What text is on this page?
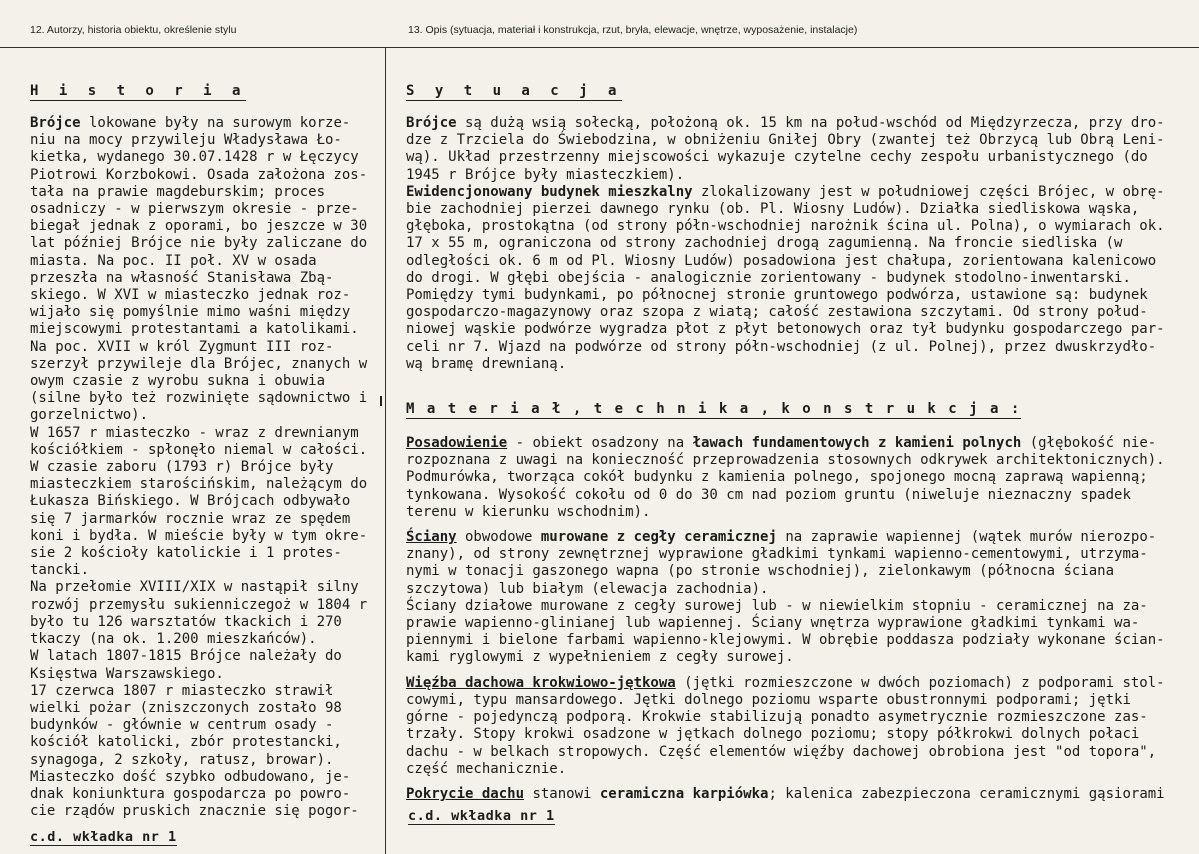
12. Autorzy, historia obiektu, określenie stylu	13. Opis (sytuacja, materiał i konstrukcja, rzut, bryła, elewacje, wnętrze, wyposażenie, instalacje)
H i s t o r i a
Brójce lokowane były na surowym korze-
niu na mocy przywileju Władysława Ło-
kietka, wydanego 30.07.1428 r w Łęczycy
Piotrowi Korzbokowi. Osada założona zos-
tała na prawie magdeburskim; proces
osadniczy - w pierwszym okresie - prze-
biegał jednak z oporami, bo jeszcze w 30
lat później Brójce nie były zaliczane do
miasta. Na poc. II poł. XV w osada
przeszła na własność Stanisława Zbą-
skiego. W XVI w miasteczko jednak roz-
wijało się pomyślnie mimo waśni między
miejscowymi protestantami a katolikami.
Na poc. XVII w król Zygmunt III roz-
szerzył przywileje dla Brójec, znanych w
owym czasie z wyrobu sukna i obuwia
(silne było też rozwinięte sądownictwo i
gorzelnictwo).
W 1657 r miasteczko - wraz z drewnianym
kościółkiem - spłonęło niemal w całości.
W czasie zaboru (1793 r) Brójce były
miasteczkiem starościńskim, należącym do
Łukasza Bińskiego. W Brójcach odbywało
się 7 jarmarków rocznie wraz ze spędem
koni i bydła. W mieście były w tym okre-
sie 2 kościoły katolickie i 1 protes-
tancki.
Na przełomie XVIII/XIX w nastąpił silny
rozwój przemysłu sukienniczegoż w 1804 r
było tu 126 warsztatów tkackich i 270
tkaczy (na ok. 1.200 mieszkańców).
W latach 1807-1815 Brójce należały do
Księstwa Warszawskiego.
17 czerwca 1807 r miasteczko strawił
wielki pożar (zniszczonych zostało 98
budynków - głównie w centrum osady -
kościół katolicki, zbór protestancki,
synagoga, 2 szkoły, ratusz, browar).
Miasteczko dość szybko odbudowano, je-
dnak koniunktura gospodarcza po powro-
cie rządów pruskich znacznie się pogor-
c.d. wkładka nr 1
S y t u a c j a
Brójce są dużą wsią sołecką, położoną ok. 15 km na połud-wschód od Międzyrzecza, przy dro-
dze z Trzciela do Świebodzina, w obniżeniu Gniłej Obry (zwantej też Obrzycą lub Obrą Leni-
wą). Układ przestrzenny miejscowości wykazuje czytelne cechy zespołu urbanistycznego (do
1945 r Brójce były miasteczkiem).
Ewidencjonowany budynek mieszkalny zlokalizowany jest w południowej części Brójec, w obrę-
bie zachodniej pierzei dawnego rynku (ob. Pl. Wiosny Ludów). Działka siedliskowa wąska,
głęboka, prostokątna (od strony półn-wschodniej narożnik ścina ul. Polna), o wymiarach ok.
17 x 55 m, ograniczona od strony zachodniej drogą zagumienną. Na froncie siedliska (w
odległości ok. 6 m od Pl. Wiosny Ludów) posadowiona jest chałupa, zorientowana kalenicowo
do drogi. W głębi obejścia - analogicznie zorientowany - budynek stodolno-inwentarski.
Pomiędzy tymi budynkami, po północnej stronie gruntowego podwórza, ustawione są: budynek
gospodarczo-magazynowy oraz szopa z wiatą; całość zestawiona szczytami. Od strony połud-
niowej wąskie podwórze wygradza płot z płyt betonowych oraz tył budynku gospodarczego par-
celi nr 7. Wjazd na podwórze od strony półn-wschodniej (z ul. Polnej), przez dwuskrzydło-
wą bramę drewnianą.
M a t e r i a ł , t e c h n i k a , k o n s t r u k c j a :
Posadowienie - obiekt osadzony na ławach fundamentowych z kamieni polnych (głębokość nie-
rozpoznana z uwagi na konieczność przeprowadzenia stosownych odkrywek architektonicznych).
Podmurówka, tworząca cokół budynku z kamienia polnego, spojonego mocną zaprawą wapienną;
tynkowana. Wysokość cokołu od 0 do 30 cm nad poziom gruntu (niweluje nieznaczny spadek
terenu w kierunku wschodnim).
Ściany obwodowe murowane z cegły ceramicznej na zaprawie wapiennej (wątek murów nierozpo-
znany), od strony zewnętrznej wyprawione gładkimi tynkami wapienno-cementowymi, utrzyma-
nymi w tonacji gaszonego wapna (po stronie wschodniej), zielonkawym (północna ściana
szczytowa) lub białym (elewacja zachodnia).
Ściany działowe murowane z cegły surowej lub - w niewielkim stopniu - ceramicznej na za-
prawie wapienno-glinianej lub wapiennej. Ściany wnętrza wyprawione gładkimi tynkami wa-
piennymi i bielone farbami wapienno-klejowymi. W obrębie poddasza podziały wykonane ścian-
kami ryglowymi z wypełnieniem z cegły surowej.
Więźba dachowa krokwiowo-jętkowa (jętki rozmieszczone w dwóch poziomach) z podporami stol-
cowymi, typu mansardowego. Jętki dolnego poziomu wsparte obustronnymi podporami; jętki
górne - pojedynczą podporą. Krokwie stabilizują ponadto asymetrycznie rozmieszczone zas-
trzały. Stopy krokwi osadzone w jętkach dolnego poziomu; stopy półkrokwi dolnych połaci
dachu - w belkach stropowych. Część elementów więźby dachowej obrobiona jest "od topora",
część mechanicznie.
Pokrycie dachu stanowi ceramiczna karpiówka; kalenica zabezpieczona ceramicznymi gąsiorami
c.d. wkładka nr 1
